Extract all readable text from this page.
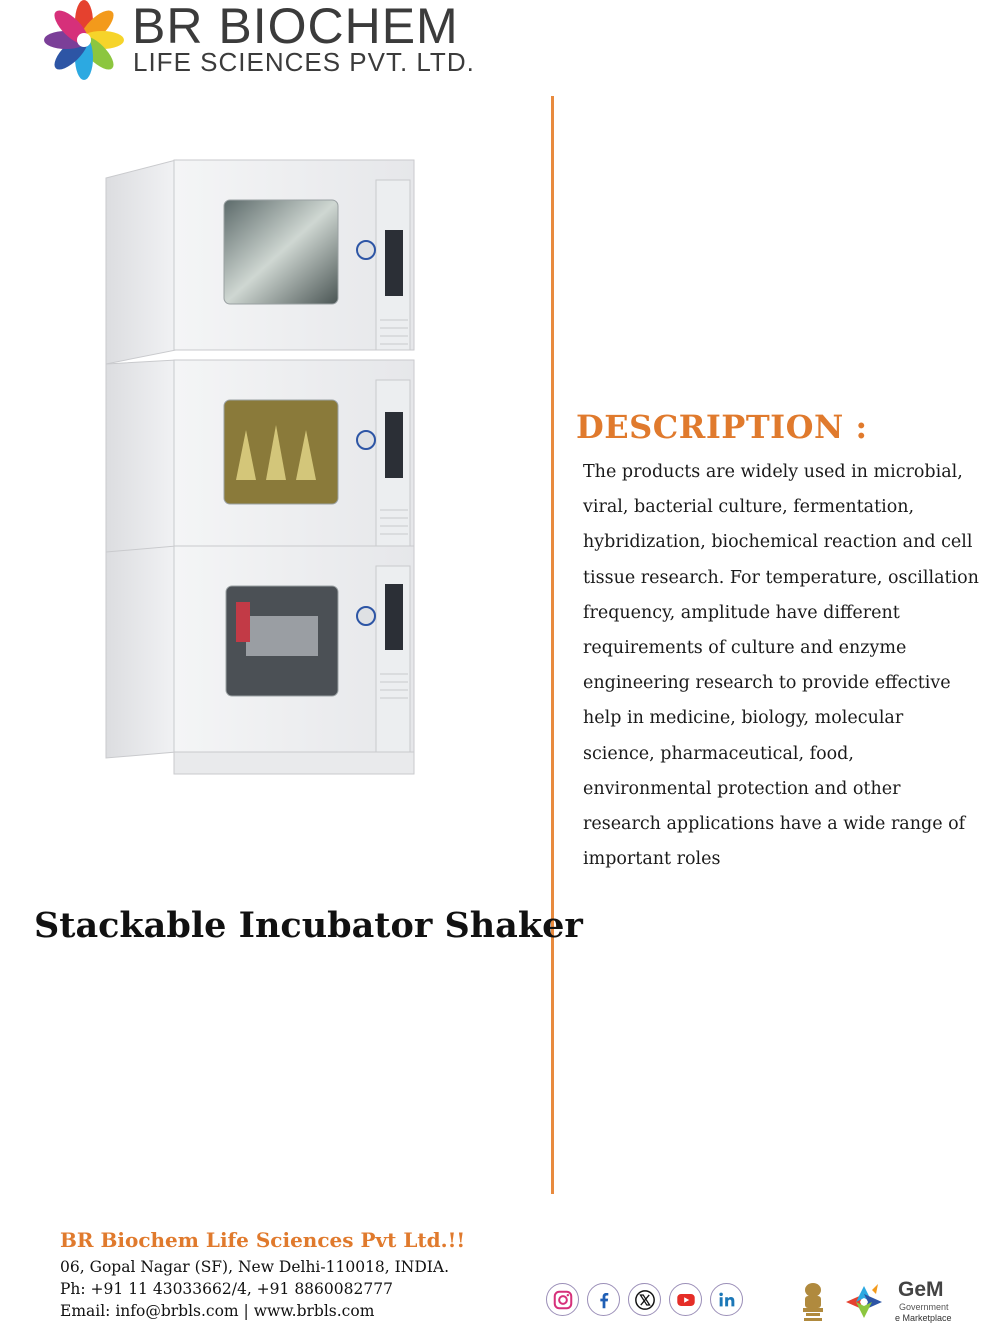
BR BIOCHEM
LIFE SCIENCES PVT. LTD.
Stackable Incubator Shaker
DESCRIPTION :

The products are widely used in microbial,
viral, bacterial culture, fermentation,
hybridization, biochemical reaction and cell
tissue research. For temperature, oscillation
frequency, amplitude have different
requirements of culture and enzyme
engineering research to provide effective
help in medicine, biology, molecular
science, pharmaceutical, food,
environmental protection and other
research applications have a wide range of
important roles

BR Biochem Life Sciences Pvt Ltd.!!
06, Gopal Nagar (SF), New Delhi-110018, INDIA.
Ph: +91 11 43033662/4, +91 8860082777
Email: info@brbls.com | www.brbls.com
GeM
Government
e Marketplace
